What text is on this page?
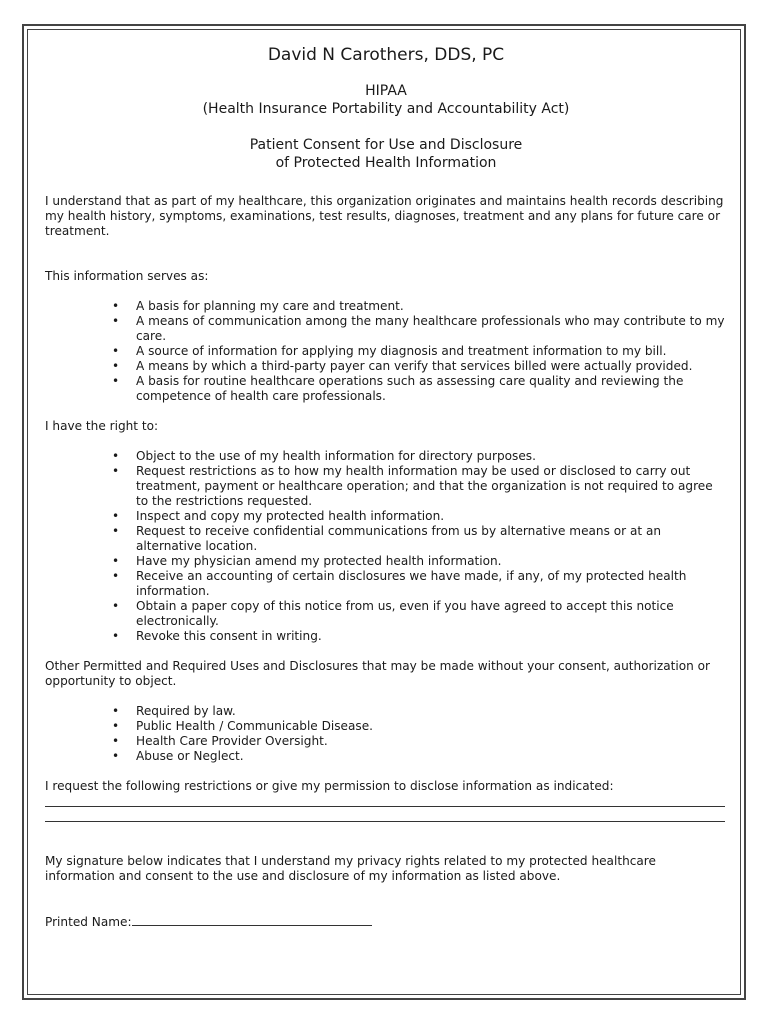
David N Carothers, DDS, PC
HIPAA
(Health Insurance Portability and Accountability Act)
Patient Consent for Use and Disclosure
of Protected Health Information

I understand that as part of my healthcare, this organization originates and maintains health records describing my health history, symptoms, examinations, test results, diagnoses, treatment and any plans for future care or treatment.

This information serves as:

• A basis for planning my care and treatment.
• A means of communication among the many healthcare professionals who may contribute to my care.
• A source of information for applying my diagnosis and treatment information to my bill.
• A means by which a third-party payer can verify that services billed were actually provided.
• A basis for routine healthcare operations such as assessing care quality and reviewing the competence of health care professionals.

I have the right to:

• Object to the use of my health information for directory purposes.
• Request restrictions as to how my health information may be used or disclosed to carry out treatment, payment or healthcare operation; and that the organization is not required to agree to the restrictions requested.
• Inspect and copy my protected health information.
• Request to receive confidential communications from us by alternative means or at an alternative location.
• Have my physician amend my protected health information.
• Receive an accounting of certain disclosures we have made, if any, of my protected health information.
• Obtain a paper copy of this notice from us, even if you have agreed to accept this notice electronically.
• Revoke this consent in writing.

Other Permitted and Required Uses and Disclosures that may be made without your consent, authorization or opportunity to object.

• Required by law.
• Public Health / Communicable Disease.
• Health Care Provider Oversight.
• Abuse or Neglect.

I request the following restrictions or give my permission to disclose information as indicated:

My signature below indicates that I understand my privacy rights related to my protected healthcare information and consent to the use and disclosure of my information as listed above.

Printed Name:
